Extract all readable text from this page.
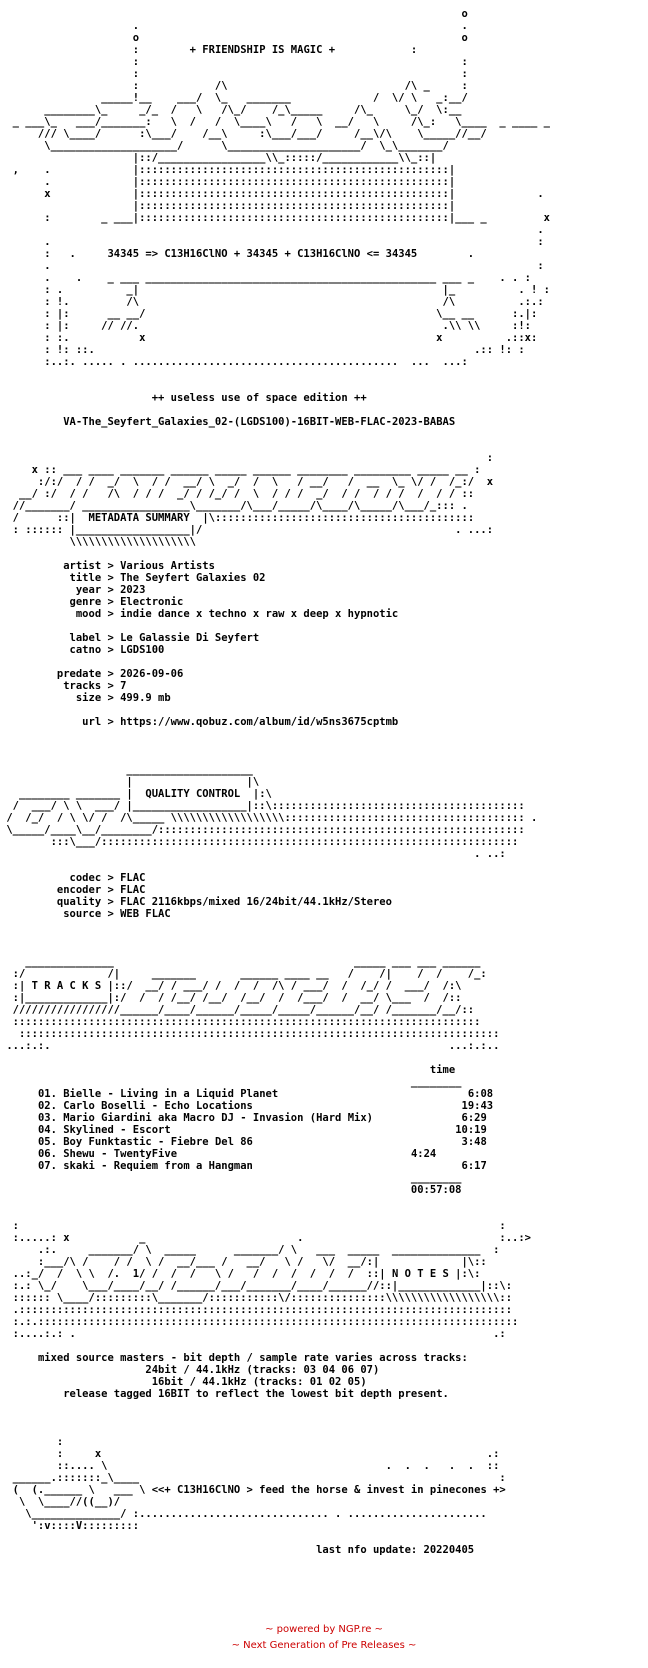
o
.                                                   .
o                                                   o
:        + FRIENDSHIP IS MAGIC +            :
:                                                   :
:                                                   :
:            /\                            /\ _     :
_____!__    ___/  \_   _______             /  \/ \   _:__/
________\_     _/_  /   \   /\_/    /_\_____     /\_     \_/  \:__
_ ___\_   ___/_______:   \  /   /  \____\   /   \  __/   \     /\_:   \____  _ ____ _
/// \____/      :\___/    /__\     :\___/___/     /__\/\    \_____//__/
\____________________/      \_____________________/  \_\_______/
|::/_________________\\_:::::/____________\\_::|
,    .             |:::::::::::::::::::::::::::::::::::::::::::::::::|
.             |:::::::::::::::::::::::::::::::::::::::::::::::::|
x             |:::::::::::::::::::::::::::::::::::::::::::::::::|             .
|:::::::::::::::::::::::::::::::::::::::::::::::::|
:        _ ___|:::::::::::::::::::::::::::::::::::::::::::::::::|___ _         x
.
.                                                                             :
:   .     34345 => C13H16ClNO + 34345 + C13H16ClNO <= 34345        .
.                                                                             :
.    .    _ ___ ______________________________________________ ___ _    . . :
: .          _|                                                |_          . ! :
: !.         /\                                                /\          .:.:
: |:      __ __/                                              \__ __      :.|:
: |:     // //.                                                .\\ \\     :!:
: :.           x                                              x          .::x:
: !: ::.                                                            .:: !: :
:..:. ..... . ..........................................  ...  ...:

++ useless use of space edition ++

VA-The_Seyfert_Galaxies_02-(LGDS100)-16BIT-WEB-FLAC-2023-BABAS

:
x :: ___ ____ _______ ______ _____ ______ ________ _________ _____ __ :
:/:/  / /  _/  \  / /  __/ \  _/  /  \   / __/   /  __  \_ \/ /  /_:/  x
__/ :/  / /   /\  / / /  _/ / /_/ /  \  / / /  _/  / /  / / /  /  / / ::
//_______/ _________________\_______/\___/_____/\____/\_____/\___/_::: .
/      ::|  METADATA SUMMARY  |\:::::::::::::::::::::::::::::::::::::::::
: :::::: |__________________|/                                        . ...:
\\\\\\\\\\\\\\\\\\\\

artist > Various Artists
title > The Seyfert Galaxies 02
year > 2023
genre > Electronic
mood > indie dance x techno x raw x deep x hypnotic

label > Le Galassie Di Seyfert
catno > LGDS100

predate > 2026-09-06
tracks > 7
size > 499.9 mb

url > https://www.qobuz.com/album/id/w5ns3675cptmb

____________________
|                  |\
________ _______ |  QUALITY CONTROL  |:\
/  ___/ \ \  ___/ |__________________|::\::::::::::::::::::::::::::::::::::::::::
/  /_/  / \ \/ /  /\_____ \\\\\\\\\\\\\\\\\\:::::::::::::::::::::::::::::::::::::: .
\_____/____\__/________/::::::::::::::::::::::::::::::::::::::::::::::::::::::::::
:::\___/::::::::::::::::::::::::::::::::::::::::::::::::::::::::::::::::::
. ..:

codec > FLAC
encoder > FLAC
quality > FLAC 2116kbps/mixed 16/24bit/44.1kHz/Stereo
source > WEB FLAC

______________                                      _____ ___ ___ ______
:/             /|     _______       ______ ____ __   /    /|    /  /    /_:
:| T R A C K S |::/  __/ / ___/ /  /  /  /\ / ___/  /  /_/ /  ___/  /:\
:|_____________|:/  /  / /__/ /__/  /__/  /  /___/  /  __/ \___  /  /::
/////////////////______/____/______/_____/_____/______/__/ /_______/__/::
::::::::::::::::::::::::::::::::::::::::::::::::::::::::::::::::::::::::::
::::::::::::::::::::::::::::::::::::::::::::::::::::::::::::::::::::::::::::
...:.:.                                                               ...:.:..

time
________
01. Bielle - Living in a Liquid Planet	6:08
02. Carlo Boselli - Echo Locations	19:43
03. Mario Giardini aka Macro DJ - Invasion (Hard Mix)	6:29
04. Skylined - Escort	10:19
05. Boy Funktastic - Fiebre Del 86	3:48
06. Shewu - TwentyFive	4:24
07. skaki - Requiem from a Hangman	6:17
________
00:57:08

:                                                                            :
:.....: x           _                        .                               :..:>
.:.     _______/ \  _____      _______/ \   ___  _____  ______________  :
:___/\ /    / /  \ /  __/___ /   __/   \ /   \/  __/:|             |\::
..:_/  /  \ \  /.  1/ /  /  /   \ /   /  /  /  /  /  /  ::| N O T E S |:\:
:.: \_/    \___/____/__/ /______/___/_______/____/______//::|_____________|::\:
:::::: \____/:::::::::\_______/:::::::::::\/:::::::::::::::\\\\\\\\\\\\\\\\\\::
.::::::::::::::::::::::::::::::::::::::::::::::::::::::::::::::::::::::::::::::
:.:.::::::::::::::::::::::::::::::::::::::::::::::::::::::::::::::::::::::::::::
:....:.: .                                                                  .:

mixed source masters - bit depth / sample rate varies across tracks:
24bit / 44.1kHz (tracks: 03 04 06 07)
16bit / 44.1kHz (tracks: 01 02 05)
release tagged 16BIT to reflect the lowest bit depth present.

:
:     x                                                             .:
::.... \                                            .  .  .   .  .  ::
______.:::::::_\____                                                         :
(  (.______ \   ___ \ <<+ C13H16ClNO > feed the horse & invest in pinecones +>
\  \____//((__)/
\______________/ :.............................. . ......................
':v::::V:::::::::

last nfo update: 20220405
~ powered by NGP.re ~
~ Next Generation of Pre Releases ~
